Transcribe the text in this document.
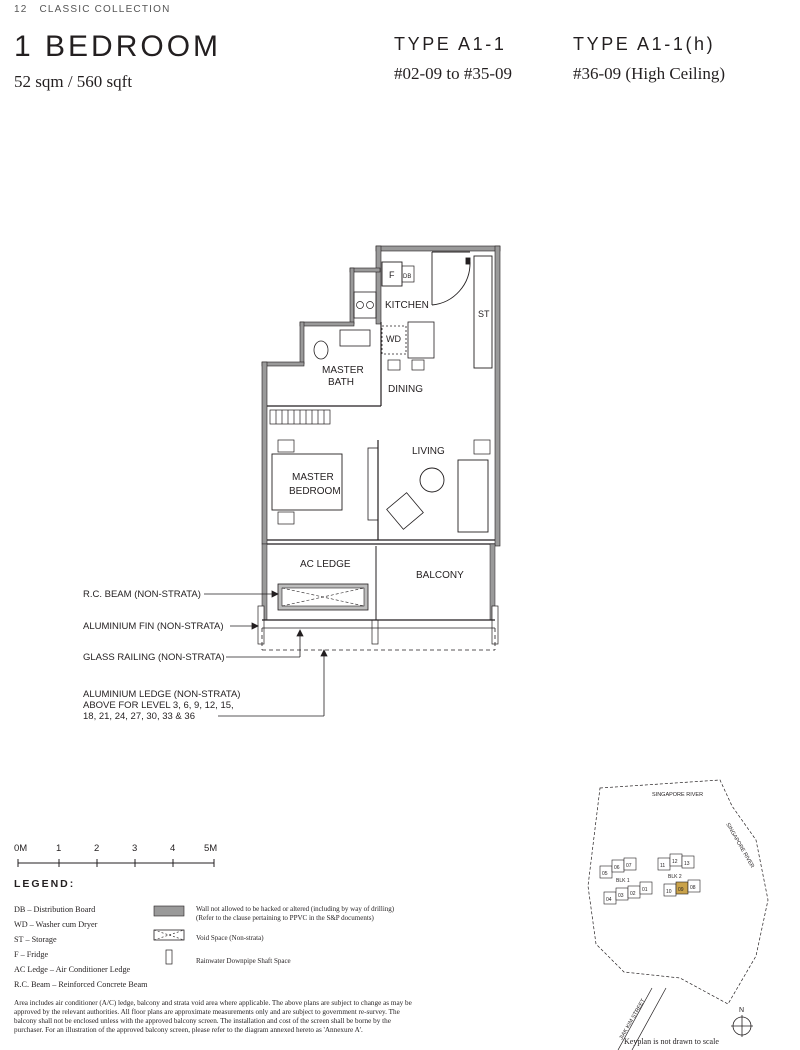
12 CLASSIC COLLECTION
1 BEDROOM
52 sqm / 560 sqft
TYPE A1-1
#02-09 to #35-09
TYPE A1-1(h)
#36-09 (High Ceiling)
ST
F DB
KITCHEN
WD
DINING
MASTER
BATH
MASTER
BEDROOM
LIVING
AC LEDGE
BALCONY
R.C. BEAM (NON-STRATA)
ALUMINIUM FIN (NON-STRATA)
GLASS RAILING (NON-STRATA)
ALUMINIUM LEDGE (NON-STRATA)
ABOVE FOR LEVEL 3, 6, 9, 12, 15,
18, 21, 24, 27, 30, 33 & 36
0M	1	2	3	4	5M
LEGEND:
DB – Distribution Board
WD – Washer cum Dryer
ST – Storage
F – Fridge
AC Ledge – Air Conditioner Ledge
R.C. Beam – Reinforced Concrete Beam
Wall not allowed to be hacked or altered (including by way of drilling)
(Refer to the clause pertaining to PPVC in the S&P documents)
Void Space (Non-strata)
Rainwater Downpipe Shaft Space
Area includes air conditioner (A/C) ledge, balcony and strata void area where applicable. The above plans are subject to change as may be approved by the relevant authorities. All floor plans are approximate measurements only and are subject to government re-survey. The balcony shall not be enclosed unless with the approved balcony screen. The installation and cost of the screen shall be borne by the purchaser. For an illustration of the approved balcony screen, please refer to the diagram annexed hereto as 'Annexure A'.
SINGAPORE RIVER
SINGAPORE RIVER
JIAK KIM STREET
05
06 07
04
03 02
01
BLK 1
11
12 13
10 09 08
BLK 2
N
Keyplan is not drawn to scale
